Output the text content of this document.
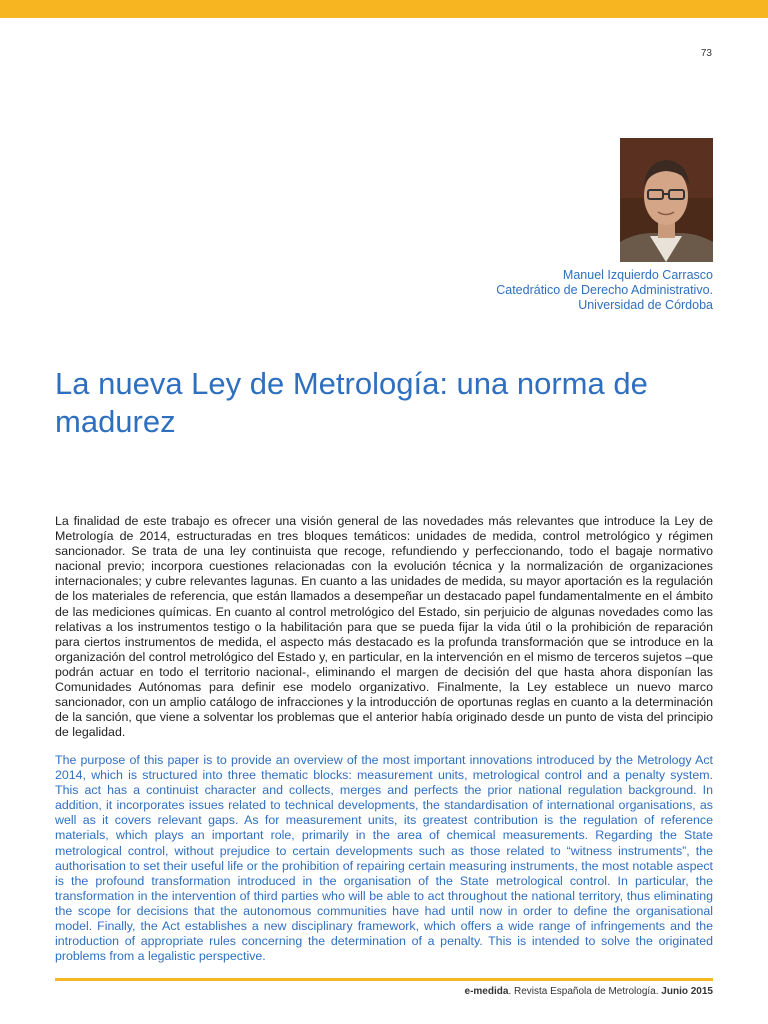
73
Manuel Izquierdo Carrasco
Catedrático de Derecho Administrativo.
Universidad de Córdoba
La nueva Ley de Metrología: una norma de madurez

La finalidad de este trabajo es ofrecer una visión general de las novedades más relevantes que introduce la Ley de Metrología de 2014, estructuradas en tres bloques temáticos: unidades de medida, control metrológico y régimen sancionador. Se trata de una ley continuista que recoge, refundiendo y perfeccionando, todo el bagaje normativo nacional previo; incorpora cuestiones relacionadas con la evolución técnica y la normalización de organizaciones internacionales; y cubre relevantes lagunas. En cuanto a las unidades de medida, su mayor aportación es la regulación de los materiales de referencia, que están llamados a desempeñar un destacado papel fundamentalmente en el ámbito de las mediciones químicas. En cuanto al control metrológico del Estado, sin perjuicio de algunas novedades como las relativas a los instrumentos testigo o la habilitación para que se pueda fijar la vida útil o la prohibición de reparación para ciertos instrumentos de medida, el aspecto más destacado es la profunda transformación que se introduce en la organización del control metrológico del Estado y, en particular, en la intervención en el mismo de terceros sujetos –que podrán actuar en todo el territorio nacional-, eliminando el margen de decisión del que hasta ahora disponían las Comunidades Autónomas para definir ese modelo organizativo. Finalmente, la Ley establece un nuevo marco sancionador, con un amplio catálogo de infracciones y la introducción de oportunas reglas en cuanto a la determinación de la sanción, que viene a solventar los problemas que el anterior había originado desde un punto de vista del principio de legalidad.

The purpose of this paper is to provide an overview of the most important innovations introduced by the Metrology Act 2014, which is structured into three thematic blocks: measurement units, metrological control and a penalty system. This act has a continuist character and collects, merges and perfects the prior national regulation background. In addition, it incorporates issues related to technical developments, the standardisation of international organisations, as well as it covers relevant gaps. As for measurement units, its greatest contribution is the regulation of reference materials, which plays an important role, primarily in the area of chemical measurements. Regarding the State metrological control, without prejudice to certain developments such as those related to “witness instruments”, the authorisation to set their useful life or the prohibition of repairing certain measuring instruments, the most notable aspect is the profound transformation introduced in the organisation of the State metrological control. In particular, the transformation in the intervention of third parties who will be able to act throughout the national territory, thus eliminating the scope for decisions that the autonomous communities have had until now in order to define the organisational model. Finally, the Act establishes a new disciplinary framework, which offers a wide range of infringements and the introduction of appropriate rules concerning the determination of a penalty. This is intended to solve the originated problems from a legalistic perspective.

e-medida. Revista Española de Metrología. Junio 2015
